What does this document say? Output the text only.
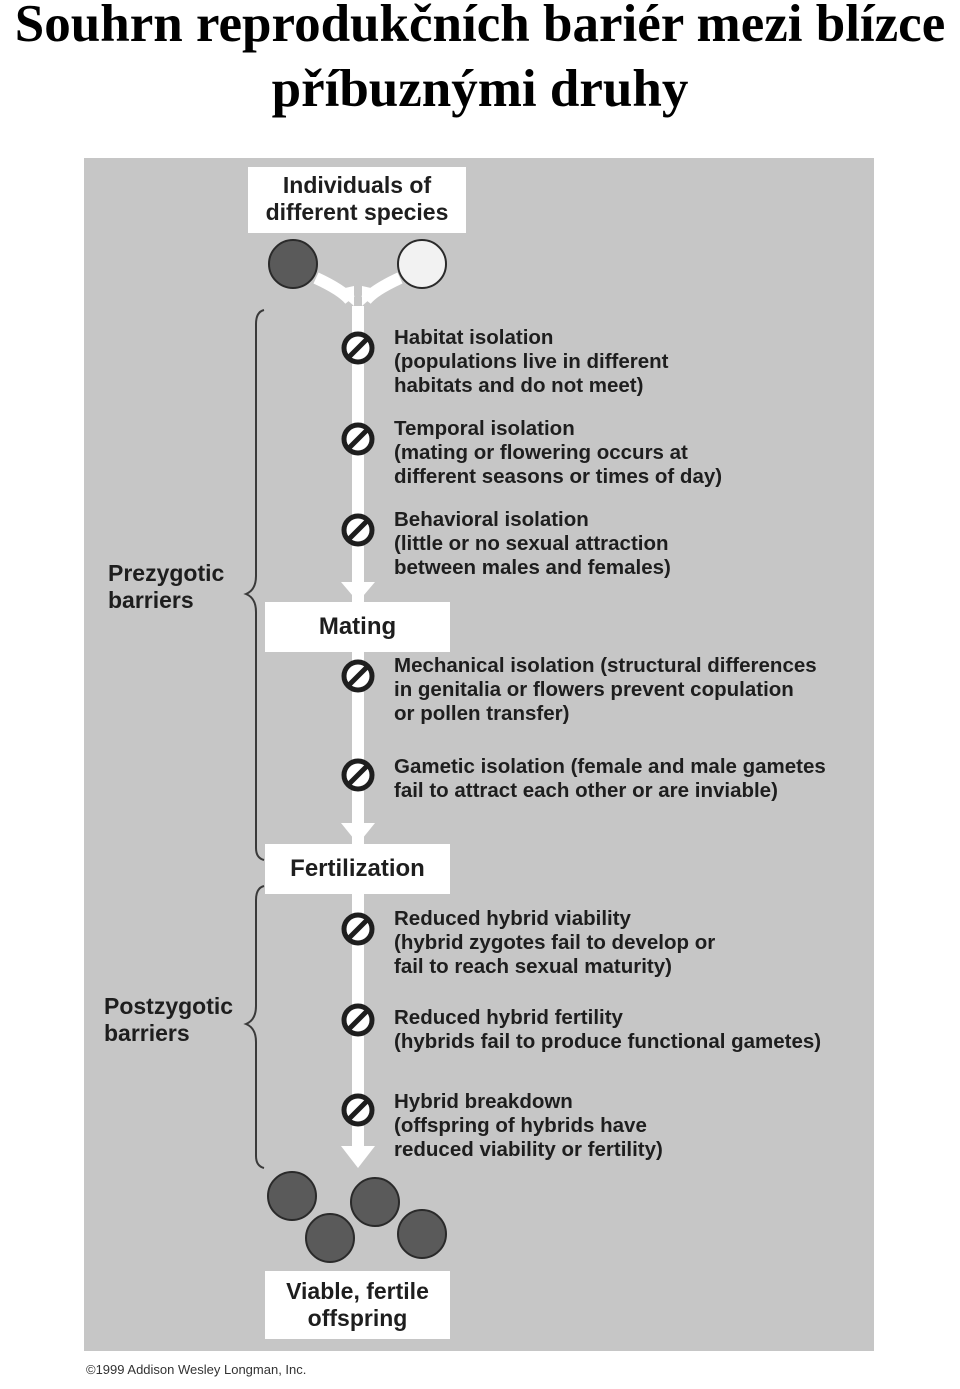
Souhrn reprodukčních bariér mezi blízce
příbuznými druhy
Individuals of
different species
Mating
Fertilization
Viable, fertile
offspring
Prezygotic
barriers
Postzygotic
barriers
Habitat isolation
(populations live in different
habitats and do not meet)
Temporal isolation
(mating or flowering occurs at
different seasons or times of day)
Behavioral isolation
(little or no sexual attraction
between males and females)
Mechanical isolation (structural differences
in genitalia or flowers prevent copulation
or pollen transfer)
Gametic isolation (female and male gametes
fail to attract each other or are inviable)
Reduced hybrid viability
(hybrid zygotes fail to develop or
fail to reach sexual maturity)
Reduced hybrid fertility
(hybrids fail to produce functional gametes)
Hybrid breakdown
(offspring of hybrids have
reduced viability or fertility)
©1999 Addison Wesley Longman, Inc.
